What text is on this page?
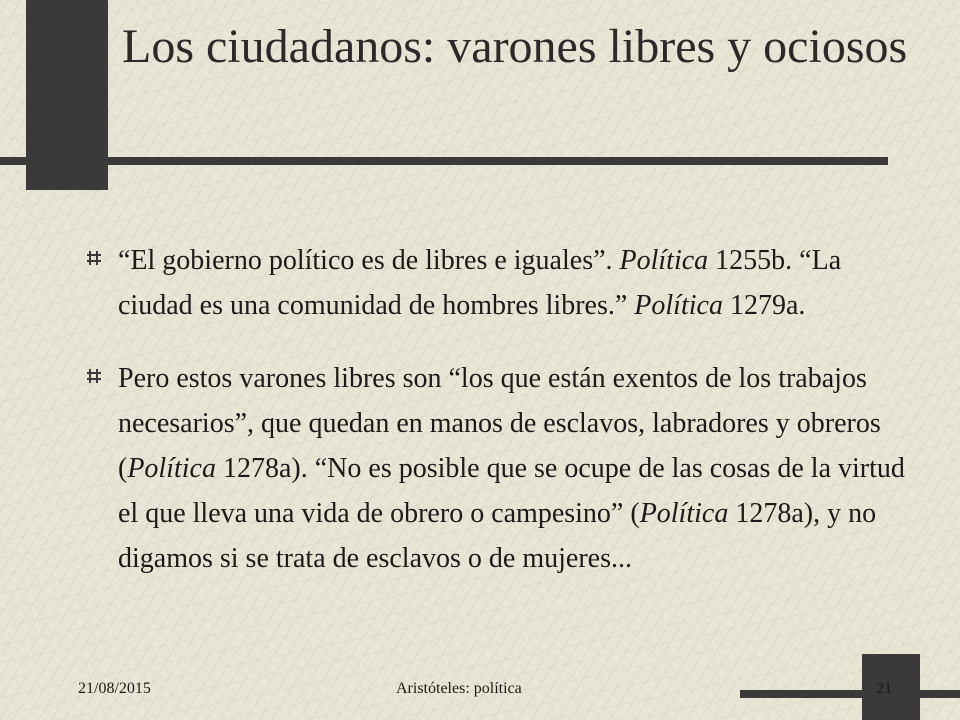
Los ciudadanos: varones libres y ociosos

“El gobierno político es de libres e iguales”. Política 1255b. “La ciudad es una comunidad de hombres libres.” Política 1279a.

Pero estos varones libres son “los que están exentos de los trabajos necesarios”, que quedan en manos de esclavos, labradores y obreros (Política 1278a). “No es posible que se ocupe de las cosas de la virtud el que lleva una vida de obrero o campesino” (Política 1278a), y no digamos si se trata de esclavos o de mujeres...

21/08/2015	Aristóteles: política	21
